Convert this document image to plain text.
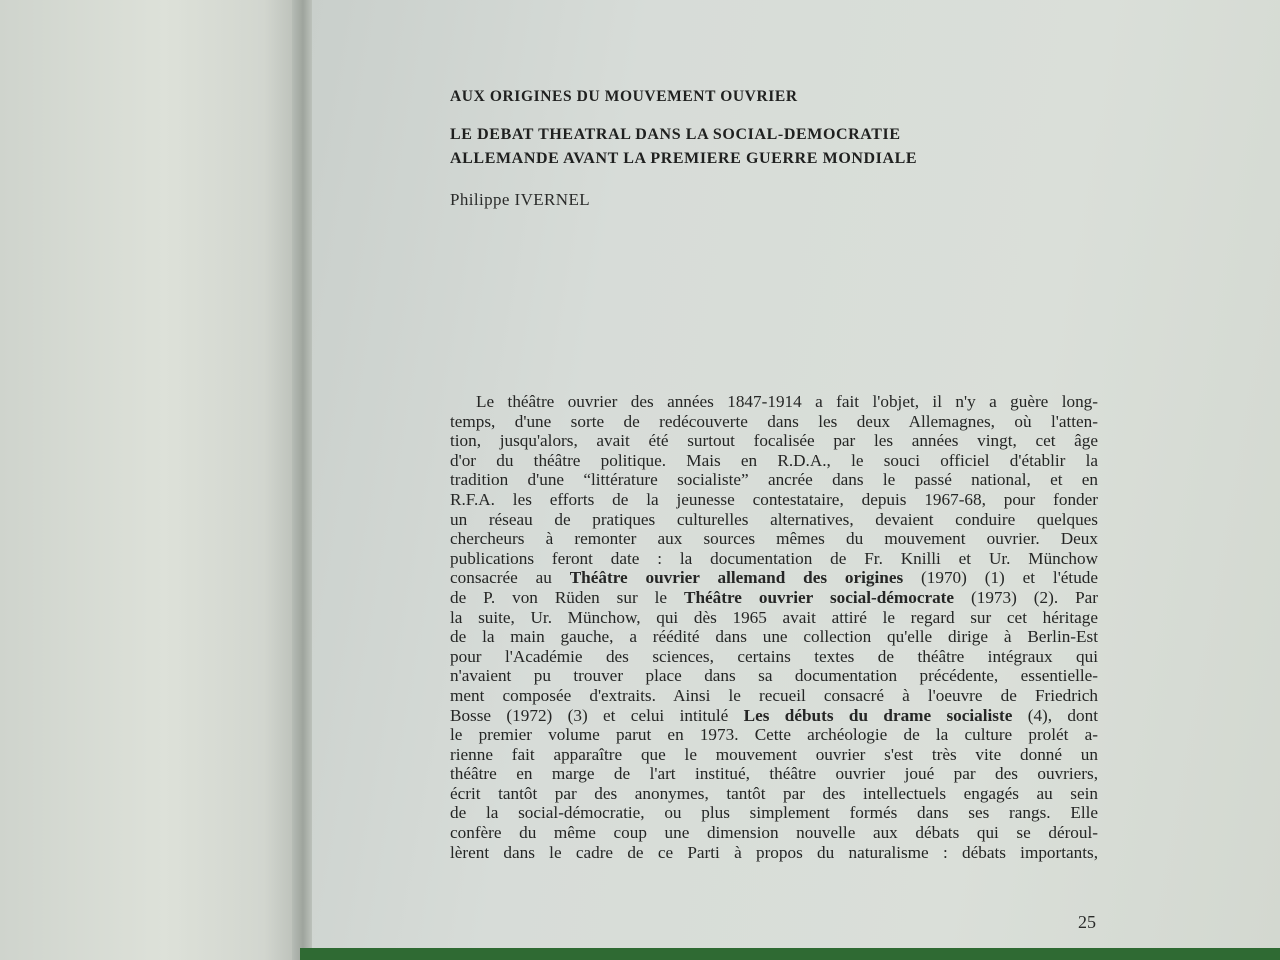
AUX ORIGINES DU MOUVEMENT OUVRIER
LE DEBAT THEATRAL DANS LA SOCIAL-DEMOCRATIE
ALLEMANDE AVANT LA PREMIERE GUERRE MONDIALE

Philippe IVERNEL

Le théâtre ouvrier des années 1847-1914 a fait l'objet, il n'y a guère long-
temps, d'une sorte de redécouverte dans les deux Allemagnes, où l'atten-
tion, jusqu'alors, avait été surtout focalisée par les années vingt, cet âge
d'or du théâtre politique. Mais en R.D.A., le souci officiel d'établir la
tradition d'une “littérature socialiste” ancrée dans le passé national, et en
R.F.A. les efforts de la jeunesse contestataire, depuis 1967-68, pour fonder
un réseau de pratiques culturelles alternatives, devaient conduire quelques
chercheurs à remonter aux sources mêmes du mouvement ouvrier. Deux
publications feront date : la documentation de Fr. Knilli et Ur. Münchow
consacrée au Théâtre ouvrier allemand des origines (1970) (1) et l'étude
de P. von Rüden sur le Théâtre ouvrier social-démocrate (1973) (2). Par
la suite, Ur. Münchow, qui dès 1965 avait attiré le regard sur cet héritage
de la main gauche, a réédité dans une collection qu'elle dirige à Berlin-Est
pour l'Académie des sciences, certains textes de théâtre intégraux qui
n'avaient pu trouver place dans sa documentation précédente, essentielle-
ment composée d'extraits. Ainsi le recueil consacré à l'oeuvre de Friedrich
Bosse (1972) (3) et celui intitulé Les débuts du drame socialiste (4), dont
le premier volume parut en 1973. Cette archéologie de la culture prolét a-
rienne fait apparaître que le mouvement ouvrier s'est très vite donné un
théâtre en marge de l'art institué, théâtre ouvrier joué par des ouvriers,
écrit tantôt par des anonymes, tantôt par des intellectuels engagés au sein
de la social-démocratie, ou plus simplement formés dans ses rangs. Elle
confère du même coup une dimension nouvelle aux débats qui se déroul-
lèrent dans le cadre de ce Parti à propos du naturalisme : débats importants,
25
